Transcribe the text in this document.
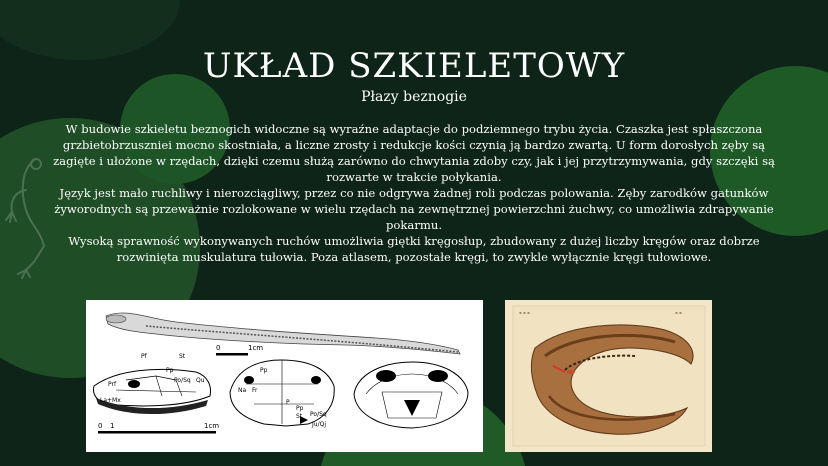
UKŁAD SZKIELETOWY
Płazy beznogie

W budowie szkieletu beznogich widoczne są wyraźne adaptacje do podziemnego trybu życia. Czaszka jest spłaszczona grzbietobrzuszniei mocno skostniała, a liczne zrosty i redukcje kości czynią ją bardzo zwartą. U form dorosłych zęby są zagięte i ułożone w rzędach, dzięki czemu służą zarówno do chwytania zdoby czy, jak i jej przytrzymywania, gdy szczęki są rozwarte w trakcie połykania.

Język jest mało ruchliwy i nierozciągliwy, przez co nie odgrywa żadnej roli podczas polowania. Zęby zarodków gatunków żyworodnych są przeważnie rozlokowane w wielu rzędach na zewnętrznej powierzchni żuchwy, co umożliwia zdrapywanie pokarmu.

Wysoką sprawność wykonywanych ruchów umożliwia giętki kręgosłup, zbudowany z dużej liczby kręgów oraz dobrze rozwinięta muskulatura tułowia. Poza atlasem, pozostałe kręgi, to zwykle wyłącznie kręgi tułowiowe.

0	1cm
Pf	St
Prf
Pp
Po/Sq Qu
La+Mx
0 1	1cm
Pp
Na Fr
P
Pp
St Po/Sq
Ju/Qj
▪ ▪ ▪	▪ ▪
